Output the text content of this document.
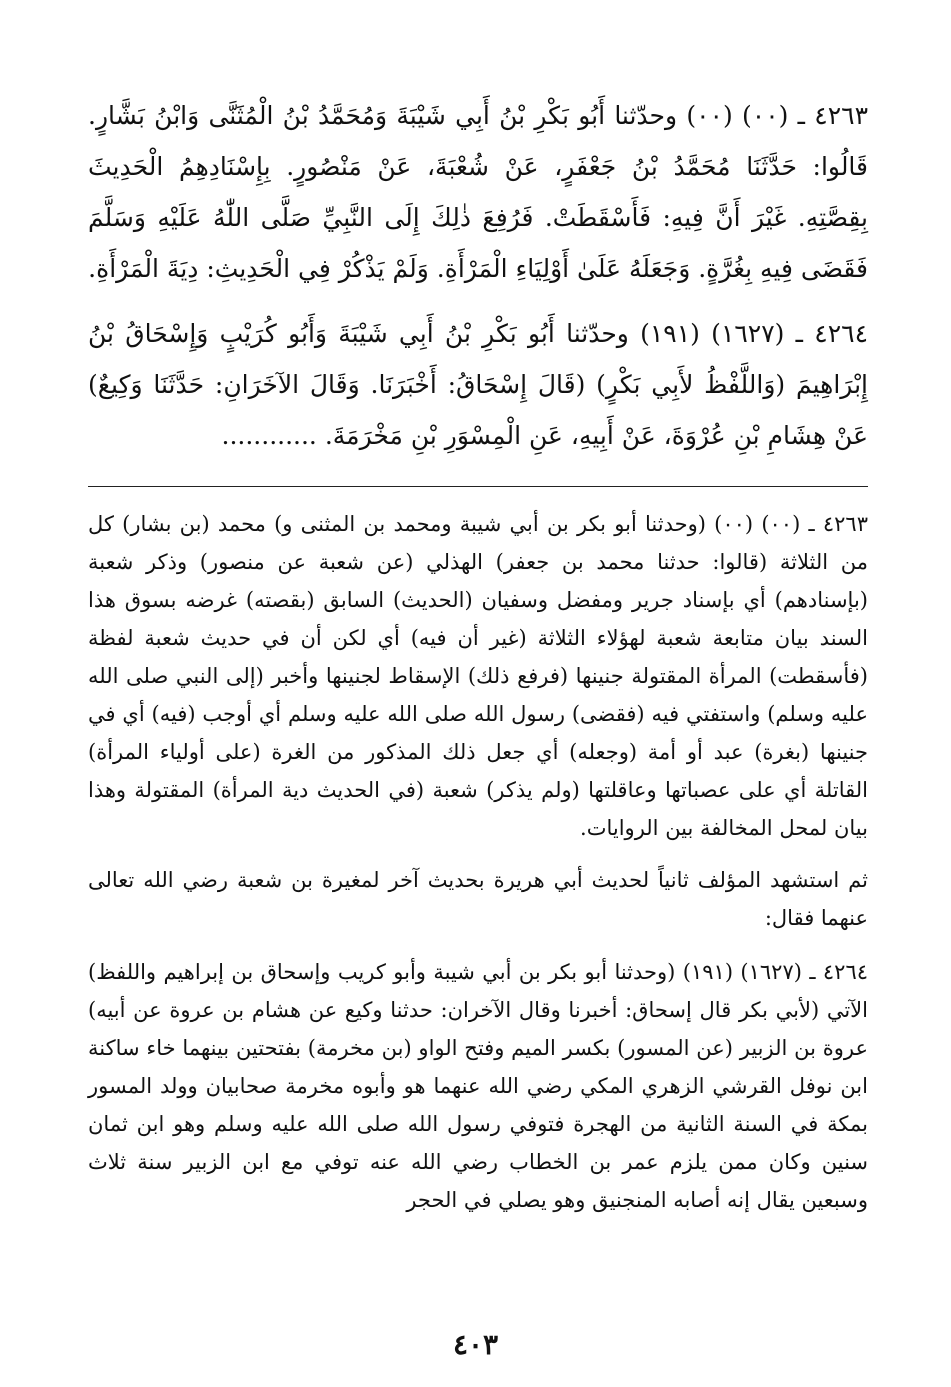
٤٢٦٣ ـ (٠٠) (٠٠) وحدّثنا أَبُو بَكْرِ بْنُ أَبِي شَيْبَةَ وَمُحَمَّدُ بْنُ الْمُثَنَّى وَابْنُ بَشَّارٍ. قَالُوا: حَدَّثَنَا مُحَمَّدُ بْنُ جَعْفَرٍ، عَنْ شُعْبَةَ، عَنْ مَنْصُورٍ. بِإِسْنَادِهِمُ الْحَدِيثَ بِقِصَّتِهِ. غَيْرَ أَنَّ فِيهِ: فَأَسْقَطَتْ. فَرُفِعَ ذٰلِكَ إِلَى النَّبِيِّ صَلَّى اللّٰهُ عَلَيْهِ وَسَلَّمَ فَقَضَى فِيهِ بِغُرَّةٍ. وَجَعَلَهُ عَلَىٰ أَوْلِيَاءِ الْمَرْأَةِ. وَلَمْ يَذْكُرْ فِي الْحَدِيثِ: دِيَةَ الْمَرْأَةِ.

٤٢٦٤ ـ (١٦٢٧) (١٩١) وحدّثنا أَبُو بَكْرِ بْنُ أَبِي شَيْبَةَ وَأَبُو كُرَيْبٍ وَإِسْحَاقُ بْنُ إِبْرَاهِيمَ (وَاللَّفْظُ لأَبِي بَكْرٍ) (قَالَ إِسْحَاقُ: أَخْبَرَنَا. وَقَالَ الآخَرَانِ: حَدَّثَنَا وَكِيعٌ) عَنْ هِشَامِ بْنِ عُرْوَةَ، عَنْ أَبِيهِ، عَنِ الْمِسْوَرِ بْنِ مَخْرَمَةَ. ............

٤٢٦٣ ـ (٠٠) (٠٠) (وحدثنا أبو بكر بن أبي شيبة ومحمد بن المثنى و) محمد (بن بشار) كل من الثلاثة (قالوا: حدثنا محمد بن جعفر) الهذلي (عن شعبة عن منصور) وذكر شعبة (بإسنادهم) أي بإسناد جرير ومفضل وسفيان (الحديث) السابق (بقصته) غرضه بسوق هذا السند بيان متابعة شعبة لهؤلاء الثلاثة (غير أن فيه) أي لكن أن في حديث شعبة لفظة (فأسقطت) المرأة المقتولة جنينها (فرفع ذلك) الإسقاط لجنينها وأخبر (إلى النبي صلى الله عليه وسلم) واستفتي فيه (فقضى) رسول الله صلى الله عليه وسلم أي أوجب (فيه) أي في جنينها (بغرة) عبد أو أمة (وجعله) أي جعل ذلك المذكور من الغرة (على أولياء المرأة) القاتلة أي على عصباتها وعاقلتها (ولم يذكر) شعبة (في الحديث دية المرأة) المقتولة وهذا بيان لمحل المخالفة بين الروايات.

ثم استشهد المؤلف ثانياً لحديث أبي هريرة بحديث آخر لمغيرة بن شعبة رضي الله تعالى عنهما فقال:

٤٢٦٤ ـ (١٦٢٧) (١٩١) (وحدثنا أبو بكر بن أبي شيبة وأبو كريب وإسحاق بن إبراهيم واللفظ) الآتي (لأبي بكر قال إسحاق: أخبرنا وقال الآخران: حدثنا وكيع عن هشام بن عروة عن أبيه) عروة بن الزبير (عن المسور) بكسر الميم وفتح الواو (بن مخرمة) بفتحتين بينهما خاء ساكنة ابن نوفل القرشي الزهري المكي رضي الله عنهما هو وأبوه مخرمة صحابيان وولد المسور بمكة في السنة الثانية من الهجرة فتوفي رسول الله صلى الله عليه وسلم وهو ابن ثمان سنين وكان ممن يلزم عمر بن الخطاب رضي الله عنه توفي مع ابن الزبير سنة ثلاث وسبعين يقال إنه أصابه المنجنيق وهو يصلي في الحجر

٤٠٣
